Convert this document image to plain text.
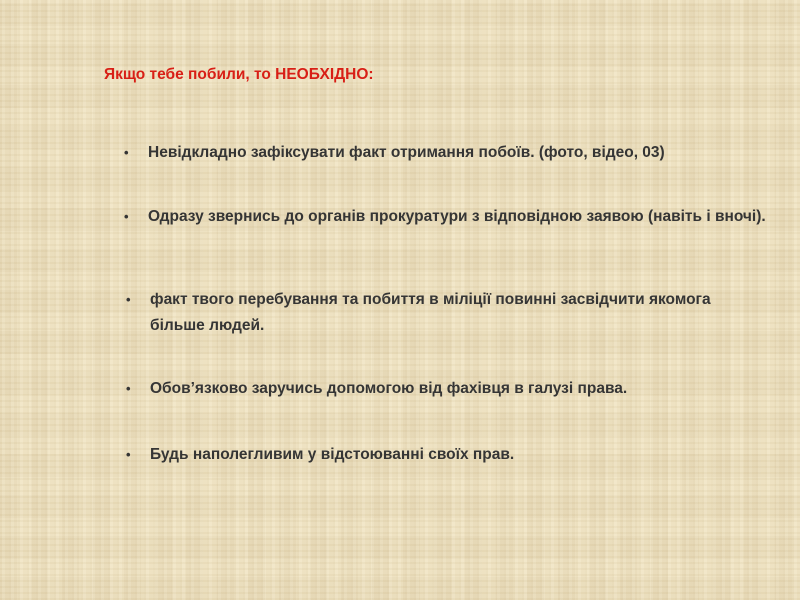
Якщо тебе побили, то НЕОБХІДНО:
•	Невідкладно зафіксувати факт отримання побоїв. (фото, відео, 03)
•	Одразу звернись до органів прокуратури з відповідною заявою (навіть і вночі).
•	факт твого перебування та побиття в міліції повинні засвідчити якомога більше людей.
•	Обов’язково заручись допомогою від фахівця в галузі права.
•	Будь наполегливим у відстоюванні своїх прав.
